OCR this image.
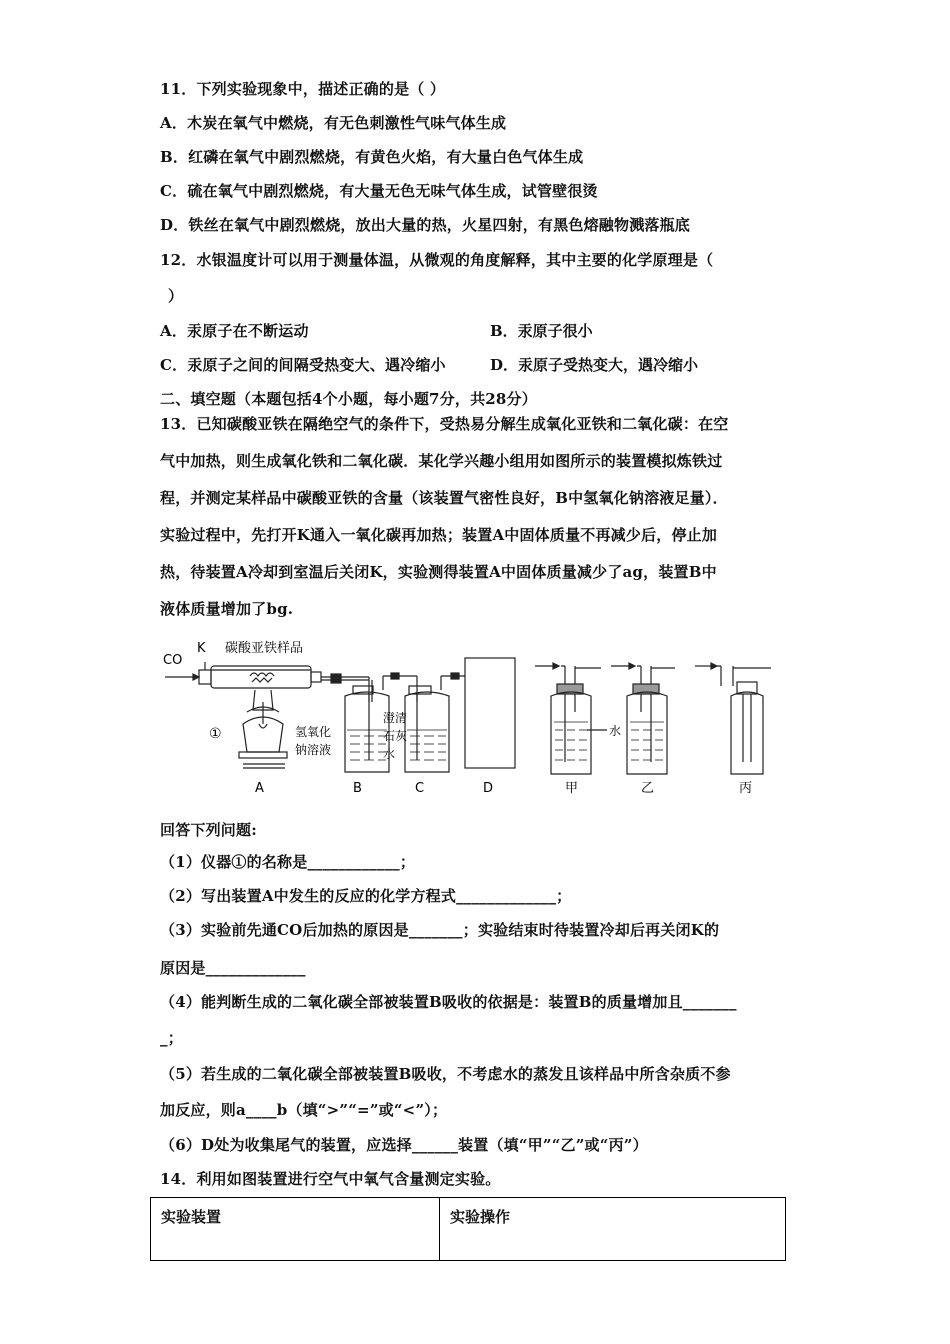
11．下列实验现象中，描述正确的是（ ）
A．木炭在氧气中燃烧，有无色刺激性气味气体生成
B．红磷在氧气中剧烈燃烧，有黄色火焰，有大量白色气体生成
C．硫在氧气中剧烈燃烧，有大量无色无味气体生成，试管壁很烫
D．铁丝在氧气中剧烈燃烧，放出大量的热，火星四射，有黑色熔融物溅落瓶底
12．水银温度计可以用于测量体温，从微观的角度解释，其中主要的化学原理是（
）
A．汞原子在不断运动	B．汞原子很小
C．汞原子之间的间隔受热变大、遇冷缩小	D．汞原子受热变大，遇冷缩小
二、填空题（本题包括4个小题，每小题7分，共28分）
13．已知碳酸亚铁在隔绝空气的条件下，受热易分解生成氧化亚铁和二氧化碳：在空
气中加热，则生成氧化铁和二氧化碳．某化学兴趣小组用如图所示的装置模拟炼铁过
程，并测定某样品中碳酸亚铁的含量（该装置气密性良好，B中氢氧化钠溶液足量）．
实验过程中，先打开K通入一氧化碳再加热；装置A中固体质量不再减少后，停止加
热，待装置A冷却到室温后关闭K，实验测得装置A中固体质量减少了ag，装置B中
液体质量增加了bg.
CO
K 碳酸亚铁样品
①	氢氧化
钠溶液
澄清
石灰
水
水
A	B	C	D	甲	乙	丙
回答下列问题:
（1）仪器①的名称是____________；
（2）写出装置A中发生的反应的化学方程式_____________；
（3）实验前先通CO后加热的原因是_______；实验结束时待装置冷却后再关闭K的
原因是_____________
（4）能判断生成的二氧化碳全部被装置B吸收的依据是：装置B的质量增加且_______
_；
（5）若生成的二氧化碳全部被装置B吸收，不考虑水的蒸发且该样品中所含杂质不参
加反应，则a____b（填“>”“=”或“<”）；
（6）D处为收集尾气的装置，应选择______装置（填“甲”“乙”或“丙”）
14．利用如图装置进行空气中氧气含量测定实验。
实验装置	实验操作
